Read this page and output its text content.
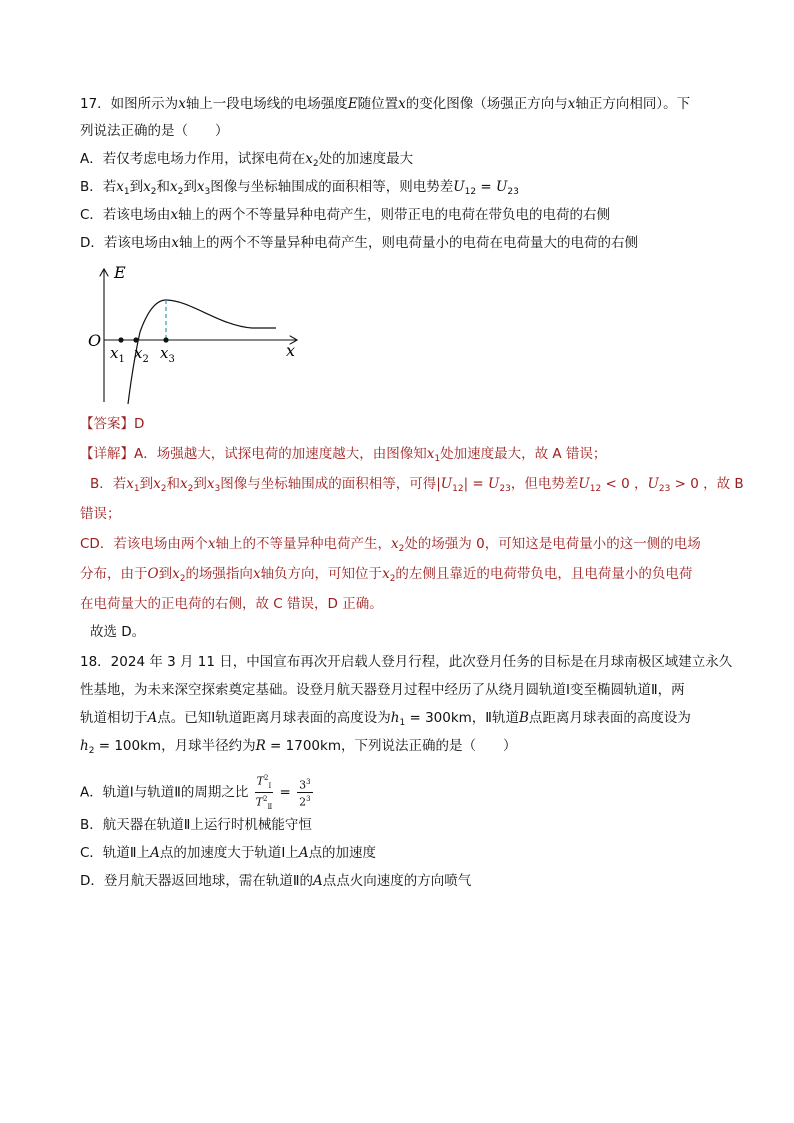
17．如图所示为x轴上一段电场线的电场强度E随位置x的变化图像（场强正方向与x轴正方向相同）。下
列说法正确的是（　　）
A．若仅考虑电场力作用，试探电荷在$x_2$处的加速度最大
B．若$x_1$到$x_2$和$x_2$到$x_3$图像与坐标轴围成的面积相等，则电势差$U_{12} = U_{23}$
C．若该电场由x轴上的两个不等量异种电荷产生，则带正电的电荷在带负电的电荷的右侧
D．若该电场由x轴上的两个不等量异种电荷产生，则电荷量小的电荷在电荷量大的电荷的右侧
E
O
x
$x_1$ $x_2$ $x_3$
【答案】D
【详解】A．场强越大，试探电荷的加速度越大，由图像知$x_1$处加速度最大，故 A 错误；
B．若$x_1$到$x_2$和$x_2$到$x_3$图像与坐标轴围成的面积相等，可得$|U_{12}| = U_{23}$，但电势差$U_{12} < 0$ ，$U_{23} > 0$ ，故 B
错误；
CD．若该电场由两个x轴上的不等量异种电荷产生，$x_2$处的场强为 0，可知这是电荷量小的这一侧的电场
分布，由于O到$x_2$的场强指向x轴负方向，可知位于$x_2$的左侧且靠近的电荷带负电，且电荷量小的负电荷
在电荷量大的正电荷的右侧，故 C 错误，D 正确。
故选 D。
18．2024 年 3 月 11 日，中国宣布再次开启载人登月行程，此次登月任务的目标是在月球南极区域建立永久
性基地，为未来深空探索奠定基础。设登月航天器登月过程中经历了从绕月圆轨道Ⅰ变至椭圆轨道Ⅱ，两
轨道相切于A点。已知Ⅰ轨道距离月球表面的高度设为$h_1 = 300km$，Ⅱ轨道B点距离月球表面的高度设为
$h_2 = 100km$，月球半径约为R = 1700km，下列说法正确的是（　　）
A．轨道Ⅰ与轨道Ⅱ的周期之比 $\frac{T^2_Ⅰ}{T^2_Ⅱ} = \frac{3^3}{2^3}$
B．航天器在轨道Ⅱ上运行时机械能守恒
C．轨道Ⅱ上A点的加速度大于轨道Ⅰ上A点的加速度
D．登月航天器返回地球，需在轨道Ⅱ的A点点火向速度的方向喷气
